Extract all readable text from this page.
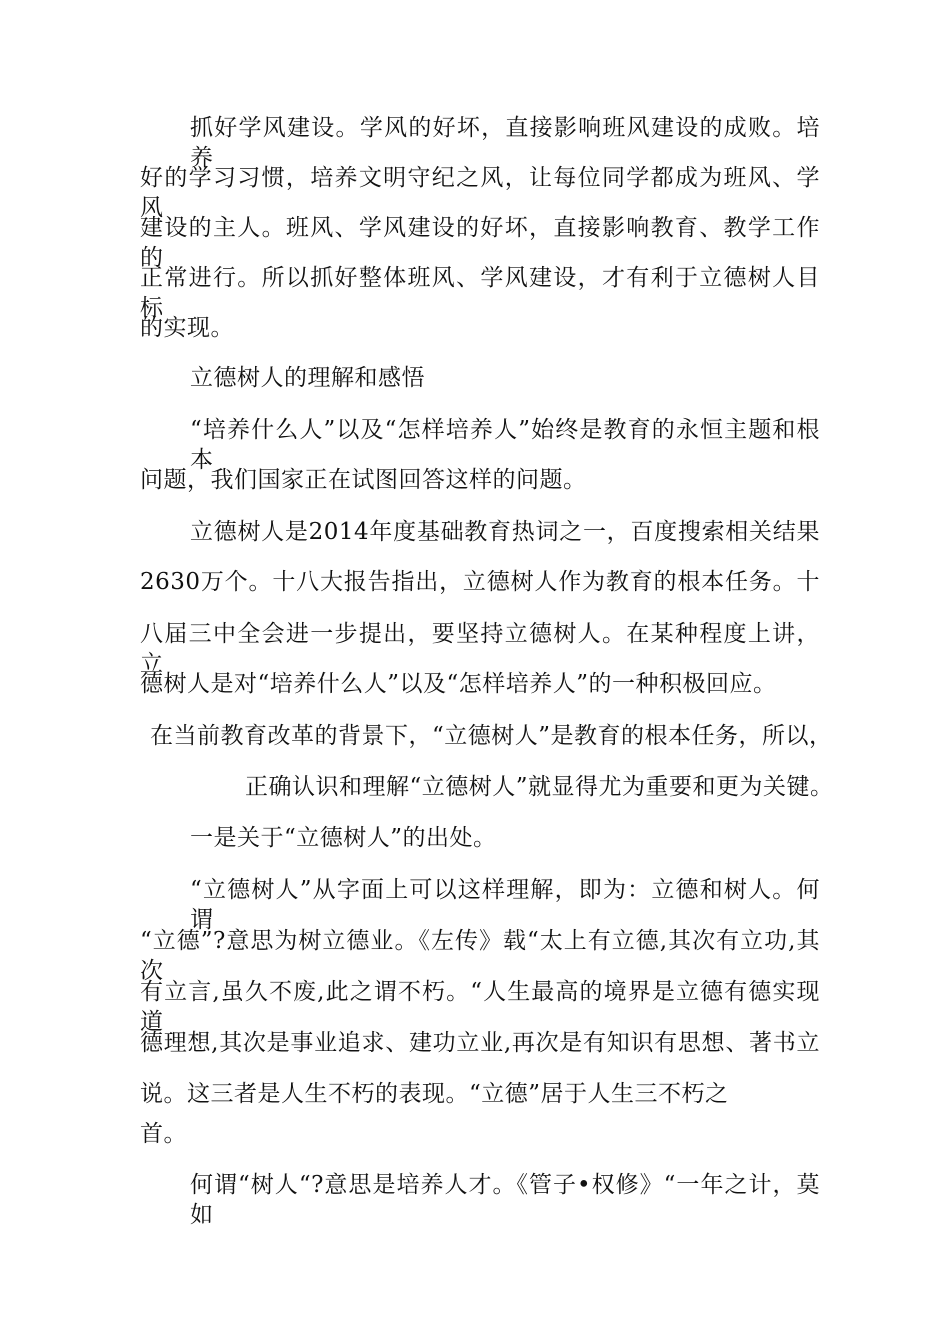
抓好学风建设。学风的好坏，直接影响班风建设的成败。培养
好的学习习惯，培养文明守纪之风，让每位同学都成为班风、学风
建设的主人。班风、学风建设的好坏，直接影响教育、教学工作的
正常进行。所以抓好整体班风、学风建设，才有利于立德树人目标
的实现。
立德树人的理解和感悟
“培养什么人”以及“怎样培养人”始终是教育的永恒主题和根本
问题，我们国家正在试图回答这样的问题。
立德树人是2014年度基础教育热词之一，百度搜索相关结果
2630万个。十八大报告指出，立德树人作为教育的根本任务。十
八届三中全会进一步提出，要坚持立德树人。在某种程度上讲，立
德树人是对“培养什么人”以及“怎样培养人”的一种积极回应。
在当前教育改革的背景下，“立德树人”是教育的根本任务，所以，
正确认识和理解“立德树人”就显得尤为重要和更为关键。
一是关于“立德树人”的出处。
“立德树人”从字面上可以这样理解，即为：立德和树人。何谓
“立德”?意思为树立德业。《左传》载“太上有立德,其次有立功,其次
有立言,虽久不废,此之谓不朽。“人生最高的境界是立德有德实现道
德理想,其次是事业追求、建功立业,再次是有知识有思想、著书立
说。这三者是人生不朽的表现。“立德”居于人生三不朽之
首。
何谓“树人“?意思是培养人才。《管子•权修》“一年之计，莫如
